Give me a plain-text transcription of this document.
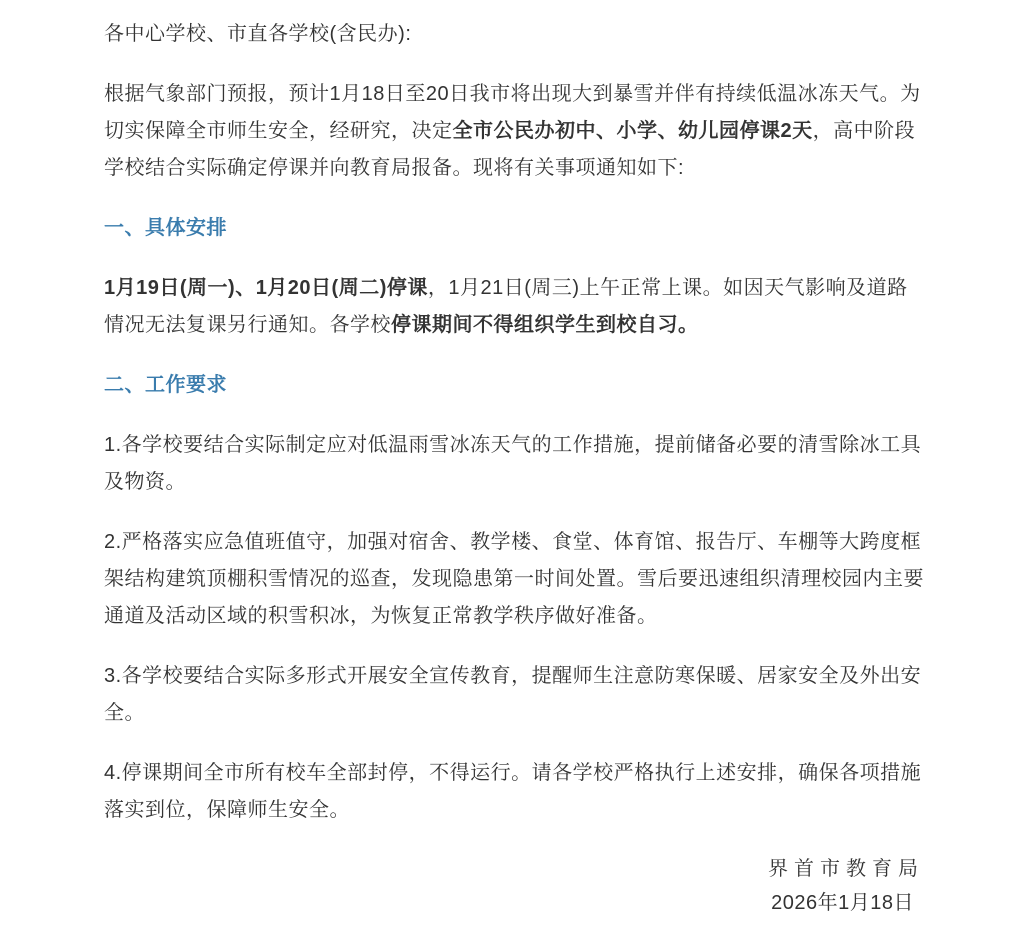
各中心学校、市直各学校(含民办):

根据气象部门预报，预计1月18日至20日我市将出现大到暴雪并伴有持续低温冰冻天气。为切实保障全市师生安全，经研究，决定全市公民办初中、小学、幼儿园停课2天，高中阶段学校结合实际确定停课并向教育局报备。现将有关事项通知如下:

一、具体安排

1月19日(周一)、1月20日(周二)停课，1月21日(周三)上午正常上课。如因天气影响及道路情况无法复课另行通知。各学校停课期间不得组织学生到校自习。

二、工作要求

1.各学校要结合实际制定应对低温雨雪冰冻天气的工作措施，提前储备必要的清雪除冰工具及物资。

2.严格落实应急值班值守，加强对宿舍、教学楼、食堂、体育馆、报告厅、车棚等大跨度框架结构建筑顶棚积雪情况的巡查，发现隐患第一时间处置。雪后要迅速组织清理校园内主要通道及活动区域的积雪积冰，为恢复正常教学秩序做好准备。

3.各学校要结合实际多形式开展安全宣传教育，提醒师生注意防寒保暖、居家安全及外出安全。

4.停课期间全市所有校车全部封停，不得运行。请各学校严格执行上述安排，确保各项措施落实到位，保障师生安全。

界首市教育局

2026年1月18日
